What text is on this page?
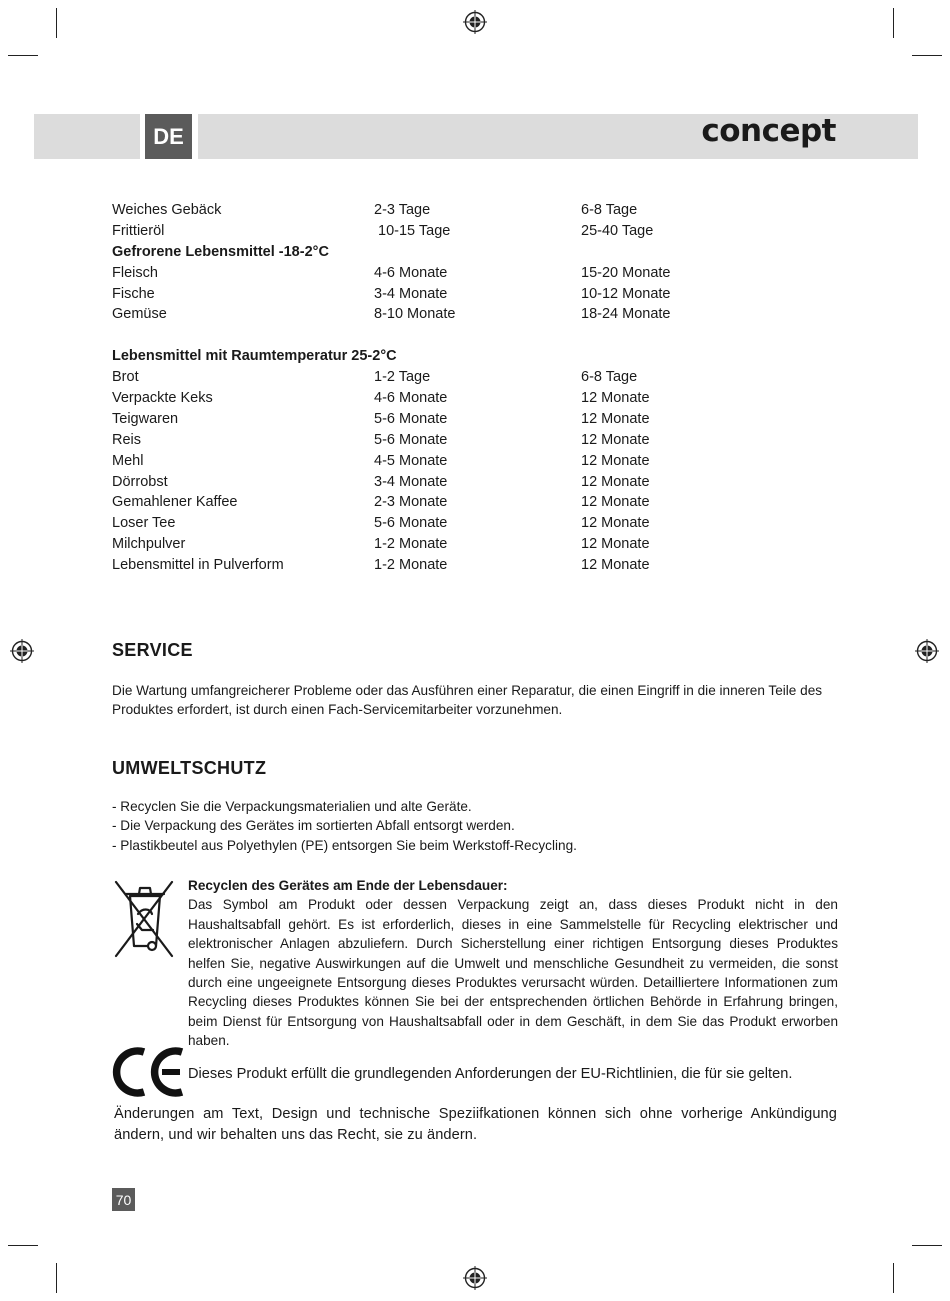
DE	concept
Weiches Gebäck	2-3 Tage	6-8 Tage
Frittieröl	10-15 Tage	25-40 Tage
Gefrorene Lebensmittel -18-2°C
Fleisch	4-6 Monate	15-20 Monate
Fische	3-4 Monate	10-12 Monate
Gemüse	8-10 Monate	18-24 Monate
Lebensmittel mit Raumtemperatur 25-2°C
Brot	1-2 Tage	6-8 Tage
Verpackte Keks	4-6 Monate	12 Monate
Teigwaren	5-6 Monate	12 Monate
Reis	5-6 Monate	12 Monate
Mehl	4-5 Monate	12 Monate
Dörrobst	3-4 Monate	12 Monate
Gemahlener Kaffee	2-3 Monate	12 Monate
Loser Tee	5-6 Monate	12 Monate
Milchpulver	1-2 Monate	12 Monate
Lebensmittel in Pulverform	1-2 Monate	12 Monate
SERVICE
Die Wartung umfangreicherer Probleme oder das Ausführen einer Reparatur, die einen Eingriff in die inneren Teile des
Produktes erfordert, ist durch einen Fach-Servicemitarbeiter vorzunehmen.
UMWELTSCHUTZ
- Recyclen Sie die Verpackungsmaterialien und alte Geräte.
- Die Verpackung des Gerätes im sortierten Abfall entsorgt werden.
- Plastikbeutel aus Polyethylen (PE) entsorgen Sie beim Werkstoff-Recycling.
Recyclen des Gerätes am Ende der Lebensdauer:
Das Symbol am Produkt oder dessen Verpackung zeigt an, dass dieses Produkt nicht in den Haushaltsabfall gehört. Es ist erforderlich, dieses in eine Sammelstelle für Recycling elektrischer und elektronischer Anlagen abzuliefern. Durch Sicherstellung einer richtigen Entsorgung dieses Produktes helfen Sie, negative Auswirkungen auf die Umwelt und menschliche Gesundheit zu vermeiden, die sonst durch eine ungeeignete Entsorgung dieses Produktes verursacht würden. Detailliertere Informationen zum Recycling dieses Produktes können Sie bei der entsprechenden örtlichen Behörde in Erfahrung bringen, beim Dienst für Entsorgung von Haushaltsabfall oder in dem Geschäft, in dem Sie das Produkt erworben haben.
Dieses Produkt erfüllt die grundlegenden Anforderungen der EU-Richtlinien, die für sie gelten.
Änderungen am Text, Design und technische Speziifkationen können sich ohne vorherige Ankündigung ändern, und wir behalten uns das Recht, sie zu ändern.
70
